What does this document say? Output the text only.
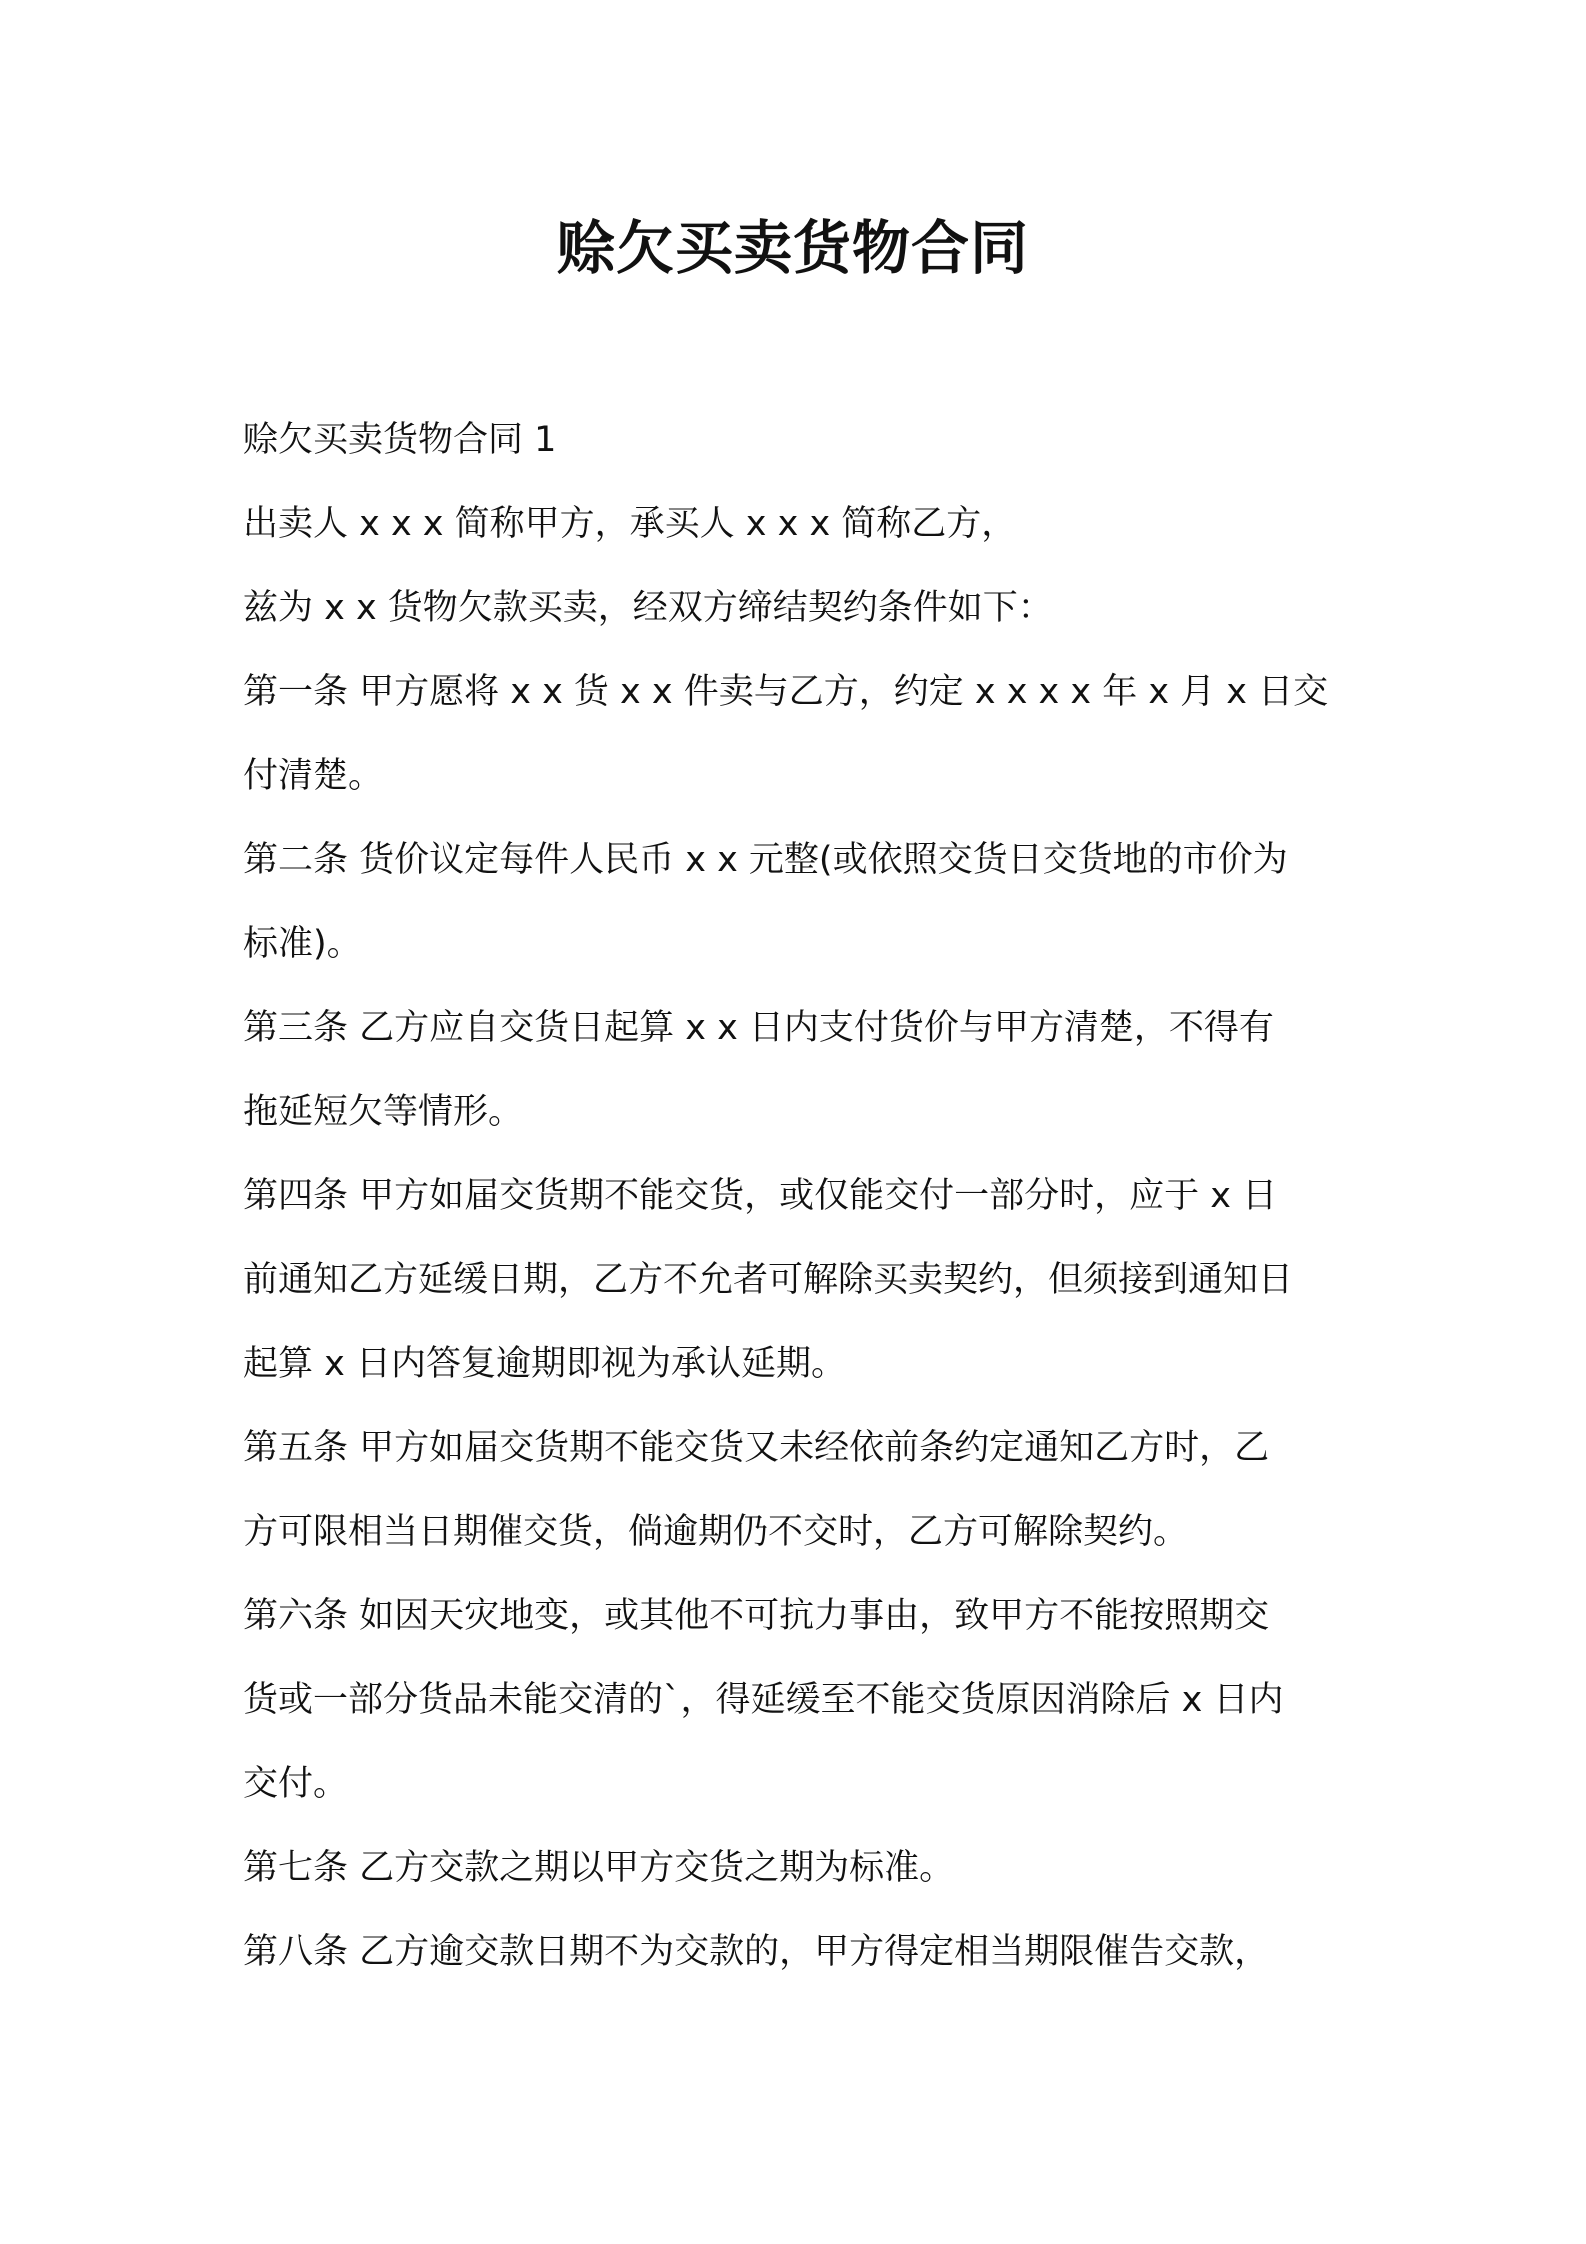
赊欠买卖货物合同

赊欠买卖货物合同 1

出卖人 x x x 简称甲方，承买人 x x x 简称乙方，

兹为 x x 货物欠款买卖，经双方缔结契约条件如下：

第一条 甲方愿将 x x 货 x x 件卖与乙方，约定 x x x x 年 x 月 x 日交

付清楚。

第二条 货价议定每件人民币 x x 元整(或依照交货日交货地的市价为

标准)。

第三条 乙方应自交货日起算 x x 日内支付货价与甲方清楚，不得有

拖延短欠等情形。

第四条 甲方如届交货期不能交货，或仅能交付一部分时，应于 x 日

前通知乙方延缓日期，乙方不允者可解除买卖契约，但须接到通知日

起算 x 日内答复逾期即视为承认延期。

第五条 甲方如届交货期不能交货又未经依前条约定通知乙方时，乙

方可限相当日期催交货，倘逾期仍不交时，乙方可解除契约。

第六条 如因天灾地变，或其他不可抗力事由，致甲方不能按照期交

货或一部分货品未能交清的`，得延缓至不能交货原因消除后 x 日内

交付。

第七条 乙方交款之期以甲方交货之期为标准。

第八条 乙方逾交款日期不为交款的，甲方得定相当期限催告交款，
